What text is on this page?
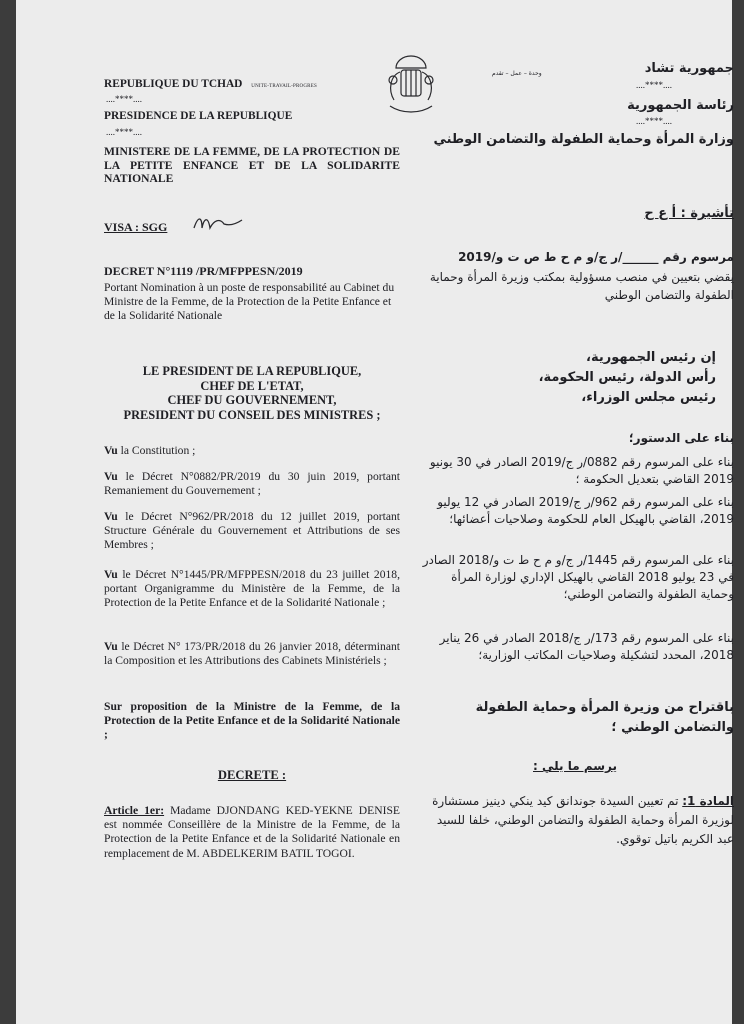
REPUBLIQUE DU TCHAD UNITE-TRAVAIL-PROGRES
....****....
PRESIDENCE DE LA REPUBLIQUE
....****....
MINISTERE DE LA FEMME, DE LA PROTECTION DE LA PETITE ENFANCE ET DE LA SOLIDARITE NATIONALE
جمهورية تشاد
وحدة – عمل – تقدم
....****....
رئاسة الجمهورية
....****....
وزارة المرأة وحماية الطفولة والتضامن الوطني
VISA : SGG
تأشيرة : أ ع ح
DECRET N°1119 /PR/MFPPESN/2019
Portant Nomination à un poste de responsabilité au Cabinet du Ministre de la Femme, de la Protection de la Petite Enfance et de la Solidarité Nationale
مرسوم رقم ______/ر ج/و م ح ط ص ت و/2019
يقضي بتعيين في منصب مسؤولية بمكتب وزيرة المرأة وحماية الطفولة والتضامن الوطني
LE PRESIDENT DE LA REPUBLIQUE,
CHEF DE L'ETAT,
CHEF DU GOUVERNEMENT,
PRESIDENT DU CONSEIL DES MINISTRES ;
إن رئيس الجمهورية،
رأس الدولة، رئيس الحكومة،
رئيس مجلس الوزراء،
Vu la Constitution ;
Vu le Décret N°0882/PR/2019 du 30 juin 2019, portant Remaniement du Gouvernement ;
Vu le Décret N°962/PR/2018 du 12 juillet 2019, portant Structure Générale du Gouvernement et Attributions de ses Membres ;
Vu le Décret N°1445/PR/MFPPESN/2018 du 23 juillet 2018, portant Organigramme du Ministère de la Femme, de la Protection de la Petite Enfance et de la Solidarité Nationale ;
Vu le Décret N° 173/PR/2018 du 26 janvier 2018, déterminant la Composition et les Attributions des Cabinets Ministériels ;
Sur proposition de la Ministre de la Femme, de la Protection de la Petite Enfance et de la Solidarité Nationale ;
DECRETE :
Article 1er: Madame DJONDANG KED-YEKNE DENISE est nommée Conseillère de la Ministre de la Femme, de la Protection de la Petite Enfance et de la Solidarité Nationale en remplacement de M. ABDELKERIM BATIL TOGOI.
بناء على الدستور؛
بناء على المرسوم رقم 0882/ر ج/2019 الصادر في 30 يونيو 2019 القاضي بتعديل الحكومة ؛
بناء على المرسوم رقم 962/ر ج/2019 الصادر في 12 يوليو 2019، القاضي بالهيكل العام للحكومة وصلاحيات أعضائها؛
بناء على المرسوم رقم 1445/ر ج/و م ح ط ت و/2018 الصادر في 23 يوليو 2018 القاضي بالهيكل الإداري لوزارة المرأة وحماية الطفولة والتضامن الوطني؛
بناء على المرسوم رقم 173/ر ج/2018 الصادر في 26 يناير 2018، المحدد لتشكيلة وصلاحيات المكاتب الوزارية؛
باقتراح من وزيرة المرأة وحماية الطفولة والتضامن الوطني ؛
يرسم ما يلي :
المادة 1: تم تعيين السيدة جوندانق كيد ينكي دينيز مستشارة لوزيرة المرأة وحماية الطفولة والتضامن الوطني، خلفا للسيد عبد الكريم باتيل توقوي.
